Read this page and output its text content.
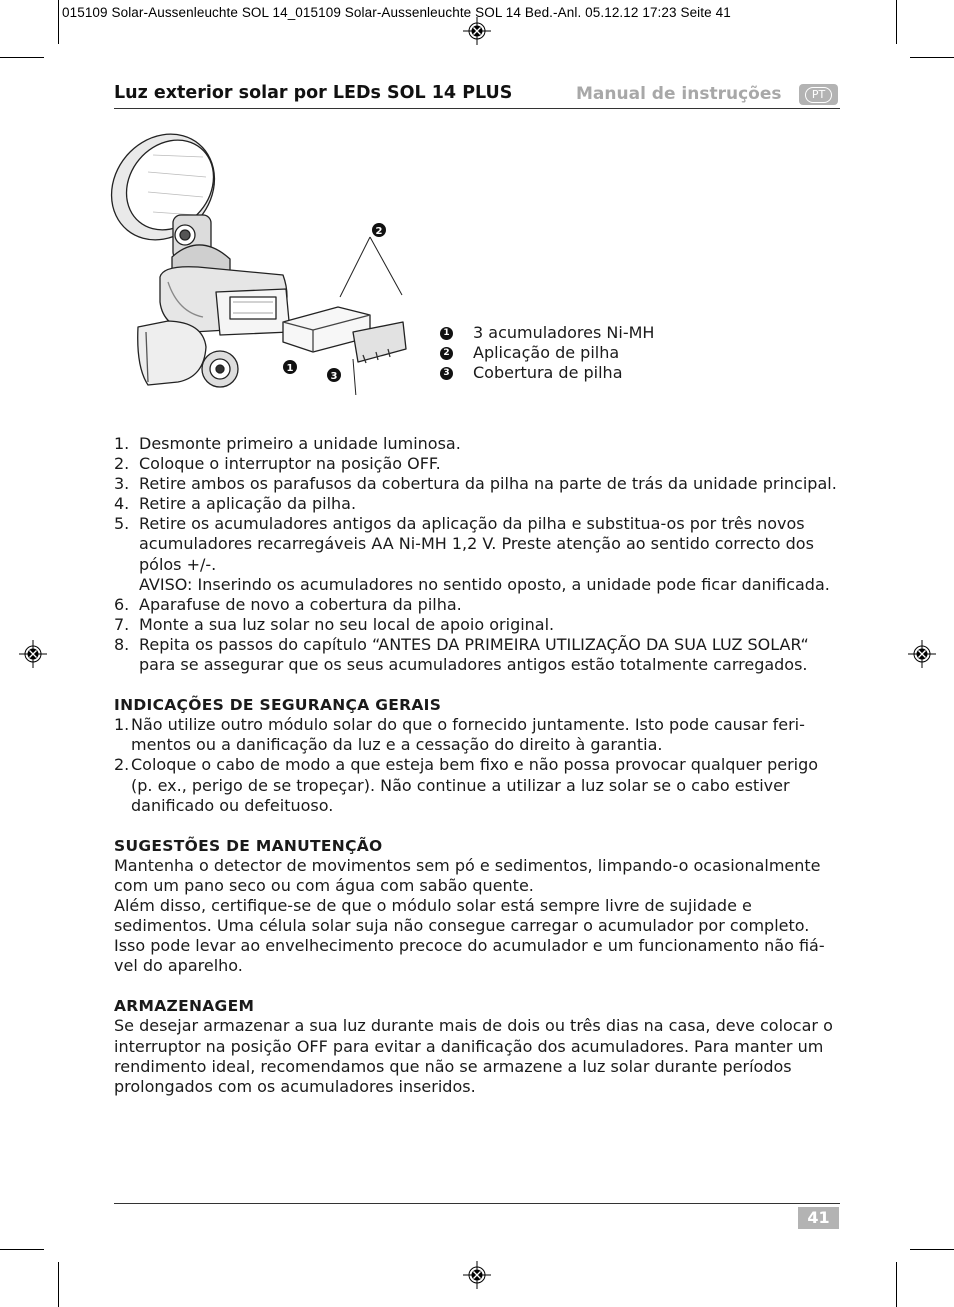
015109 Solar-Aussenleuchte SOL 14_015109 Solar-Aussenleuchte SOL 14 Bed.-Anl. 05.12.12 17:23 Seite 41
Luz exterior solar por LEDs SOL 14 PLUS	Manual de instruções	PT
2
1
3
1 3 acumuladores Ni-MH
2 Aplicação de pilha
3 Cobertura de pilha
1. Desmonte primeiro a unidade luminosa.

2. Coloque o interruptor na posição OFF.

3. Retire ambos os parafusos da cobertura da pilha na parte de trás da unidade principal.

4. Retire a aplicação da pilha.

5. Retire os acumuladores antigos da aplicação da pilha e substitua-os por três novos

acumuladores recarregáveis AA Ni-MH 1,2 V. Preste atenção ao sentido correcto dos

pólos +/-.

AVISO: Inserindo os acumuladores no sentido oposto, a unidade pode ficar danificada.

6. Aparafuse de novo a cobertura da pilha.

7. Monte a sua luz solar no seu local de apoio original.

8. Repita os passos do capítulo “ANTES DA PRIMEIRA UTILIZAÇÃO DA SUA LUZ SOLAR“

para se assegurar que os seus acumuladores antigos estão totalmente carregados.

INDICAÇÕES DE SEGURANÇA GERAIS

1. Não utilize outro módulo solar do que o fornecido juntamente. Isto pode causar feri-

mentos ou a danificação da luz e a cessação do direito à garantia.

2. Coloque o cabo de modo a que esteja bem fixo e não possa provocar qualquer perigo

(p. ex., perigo de se tropeçar). Não continue a utilizar a luz solar se o cabo estiver

danificado ou defeituoso.

SUGESTÕES DE MANUTENÇÃO

Mantenha o detector de movimentos sem pó e sedimentos, limpando-o ocasionalmente

com um pano seco ou com água com sabão quente.

Além disso, certifique-se de que o módulo solar está sempre livre de sujidade e

sedimentos. Uma célula solar suja não consegue carregar o acumulador por completo.

Isso pode levar ao envelhecimento precoce do acumulador e um funcionamento não fiá-

vel do aparelho.

ARMAZENAGEM

Se desejar armazenar a sua luz durante mais de dois ou três dias na casa, deve colocar o

interruptor na posição OFF para evitar a danificação dos acumuladores. Para manter um

rendimento ideal, recomendamos que não se armazene a luz solar durante períodos

prolongados com os acumuladores inseridos.

41
